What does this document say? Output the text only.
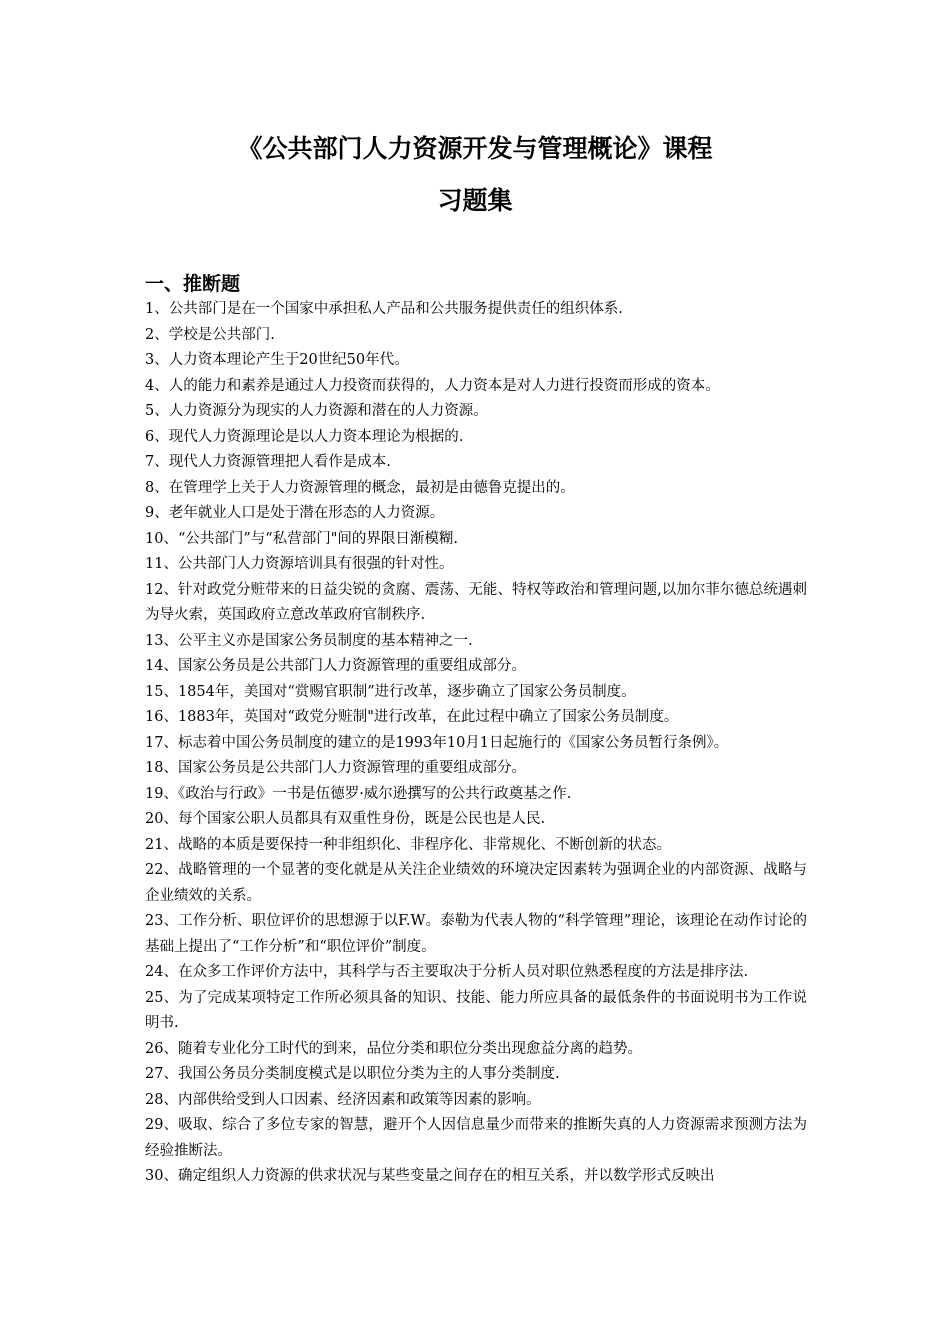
《公共部门人力资源开发与管理概论》课程
习题集
一、推断题
1、公共部门是在一个国家中承担私人产品和公共服务提供责任的组织体系.
2、学校是公共部门.
3、人力资本理论产生于20世纪50年代。
4、人的能力和素养是通过人力投资而获得的，人力资本是对人力进行投资而形成的资本。
5、人力资源分为现实的人力资源和潜在的人力资源。
6、现代人力资源理论是以人力资本理论为根据的.
7、现代人力资源管理把人看作是成本.
8、在管理学上关于人力资源管理的概念，最初是由德鲁克提出的。
9、老年就业人口是处于潜在形态的人力资源。
10、“公共部门”与“私营部门"间的界限日渐模糊.
11、公共部门人力资源培训具有很强的针对性。
12、针对政党分赃带来的日益尖锐的贪腐、震荡、无能、特权等政治和管理问题,以加尔菲尔德总统遇刺为导火索，英国政府立意改革政府官制秩序.
13、公平主义亦是国家公务员制度的基本精神之一.
14、国家公务员是公共部门人力资源管理的重要组成部分。
15、1854年，美国对“赏赐官职制”进行改革，逐步确立了国家公务员制度。
16、1883年，英国对“政党分赃制"进行改革，在此过程中确立了国家公务员制度。
17、标志着中国公务员制度的建立的是1993年10月1日起施行的《国家公务员暂行条例》。
18、国家公务员是公共部门人力资源管理的重要组成部分。
19、《政治与行政》一书是伍德罗·威尔逊撰写的公共行政奠基之作.
20、每个国家公职人员都具有双重性身份，既是公民也是人民.
21、战略的本质是要保持一种非组织化、非程序化、非常规化、不断创新的状态。
22、战略管理的一个显著的变化就是从关注企业绩效的环境决定因素转为强调企业的内部资源、战略与企业绩效的关系。
23、工作分析、职位评价的思想源于以F.W。泰勒为代表人物的“科学管理”理论，该理论在动作讨论的基础上提出了“工作分析”和“职位评价”制度。
24、在众多工作评价方法中，其科学与否主要取决于分析人员对职位熟悉程度的方法是排序法.
25、为了完成某项特定工作所必须具备的知识、技能、能力所应具备的最低条件的书面说明书为工作说明书.
26、随着专业化分工时代的到来，品位分类和职位分类出现愈益分离的趋势。
27、我国公务员分类制度模式是以职位分类为主的人事分类制度.
28、内部供给受到人口因素、经济因素和政策等因素的影响。
29、吸取、综合了多位专家的智慧，避开个人因信息量少而带来的推断失真的人力资源需求预测方法为经验推断法。
30、确定组织人力资源的供求状况与某些变量之间存在的相互关系，并以数学形式反映出
